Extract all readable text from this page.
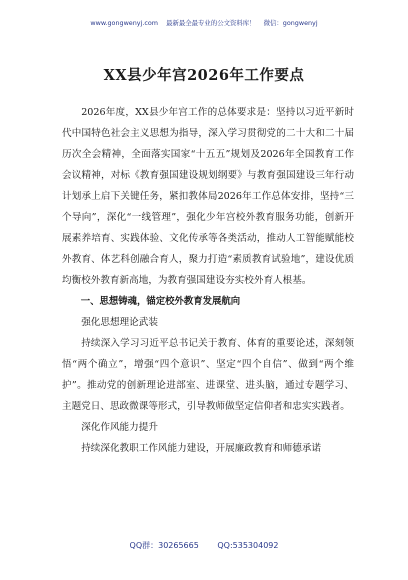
www.gongwenyj.com 最新最全最专业的公文资料库！ 微信：gongwenyj
XX县少年宫2026年工作要点

2026年度，XX县少年宫工作的总体要求是：坚持以习近平新时代中国特色社会主义思想为指导，深入学习贯彻党的二十大和二十届历次全会精神，全面落实国家“十五五”规划及2026年全国教育工作会议精神，对标《教育强国建设规划纲要》与教育强国建设三年行动计划承上启下关键任务，紧扣教体局2026年工作总体安排，坚持“三个导向”，深化“一线管理”，强化少年宫校外教育服务功能，创新开展素养培育、实践体验、文化传承等各类活动，推动人工智能赋能校外教育、体艺科创融合育人，聚力打造“素质教育试验地”，建设优质均衡校外教育新高地，为教育强国建设夯实校外育人根基。

一、思想铸魂，锚定校外教育发展航向

强化思想理论武装

持续深入学习习近平总书记关于教育、体育的重要论述，深刻领悟“两个确立”，增强“四个意识”、坚定“四个自信”、做到“两个维护”。推动党的创新理论进部室、进课堂、进头脑，通过专题学习、主题党日、思政微课等形式，引导教师做坚定信仰者和忠实实践者。

深化作风能力提升

持续深化教职工作风能力建设，开展廉政教育和师德承诺

QQ群：30265665 QQ:535304092
